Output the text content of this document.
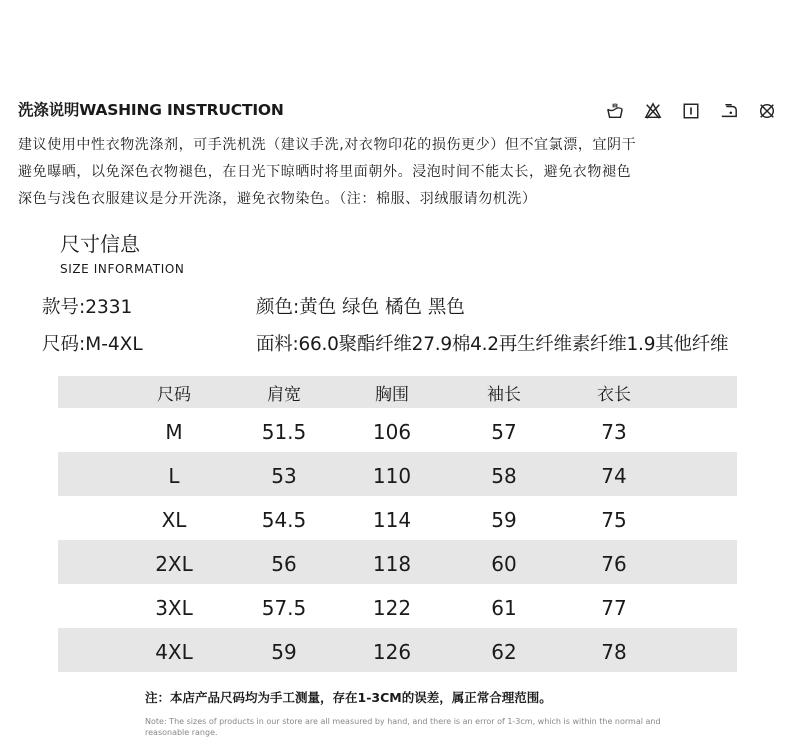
洗涤说明WASHING INSTRUCTION
建议使用中性衣物洗涤剂，可手洗机洗（建议手洗,对衣物印花的损伤更少）但不宜氯漂，宜阴干
避免曝晒，以免深色衣物褪色，在日光下晾晒时将里面朝外。浸泡时间不能太长，避免衣物褪色
深色与浅色衣服建议是分开洗涤，避免衣物染色。（注：棉服、羽绒服请勿机洗）
尺寸信息
SIZE INFORMATION
款号:2331
尺码:M-4XL
颜色:黄色 绿色 橘色 黑色
面料:66.0聚酯纤维27.9棉4.2再生纤维素纤维1.9其他纤维
尺码	肩宽	胸围	袖长	衣长
M	51.5	106	57	73
L	53	110	58	74
XL	54.5	114	59	75
2XL	56	118	60	76
3XL	57.5	122	61	77
4XL	59	126	62	78
注：本店产品尺码均为手工测量，存在1-3CM的误差，属正常合理范围。
Note: The sizes of products in our store are all measured by hand, and there is an error of 1-3cm, which is within the normal and reasonable range.
